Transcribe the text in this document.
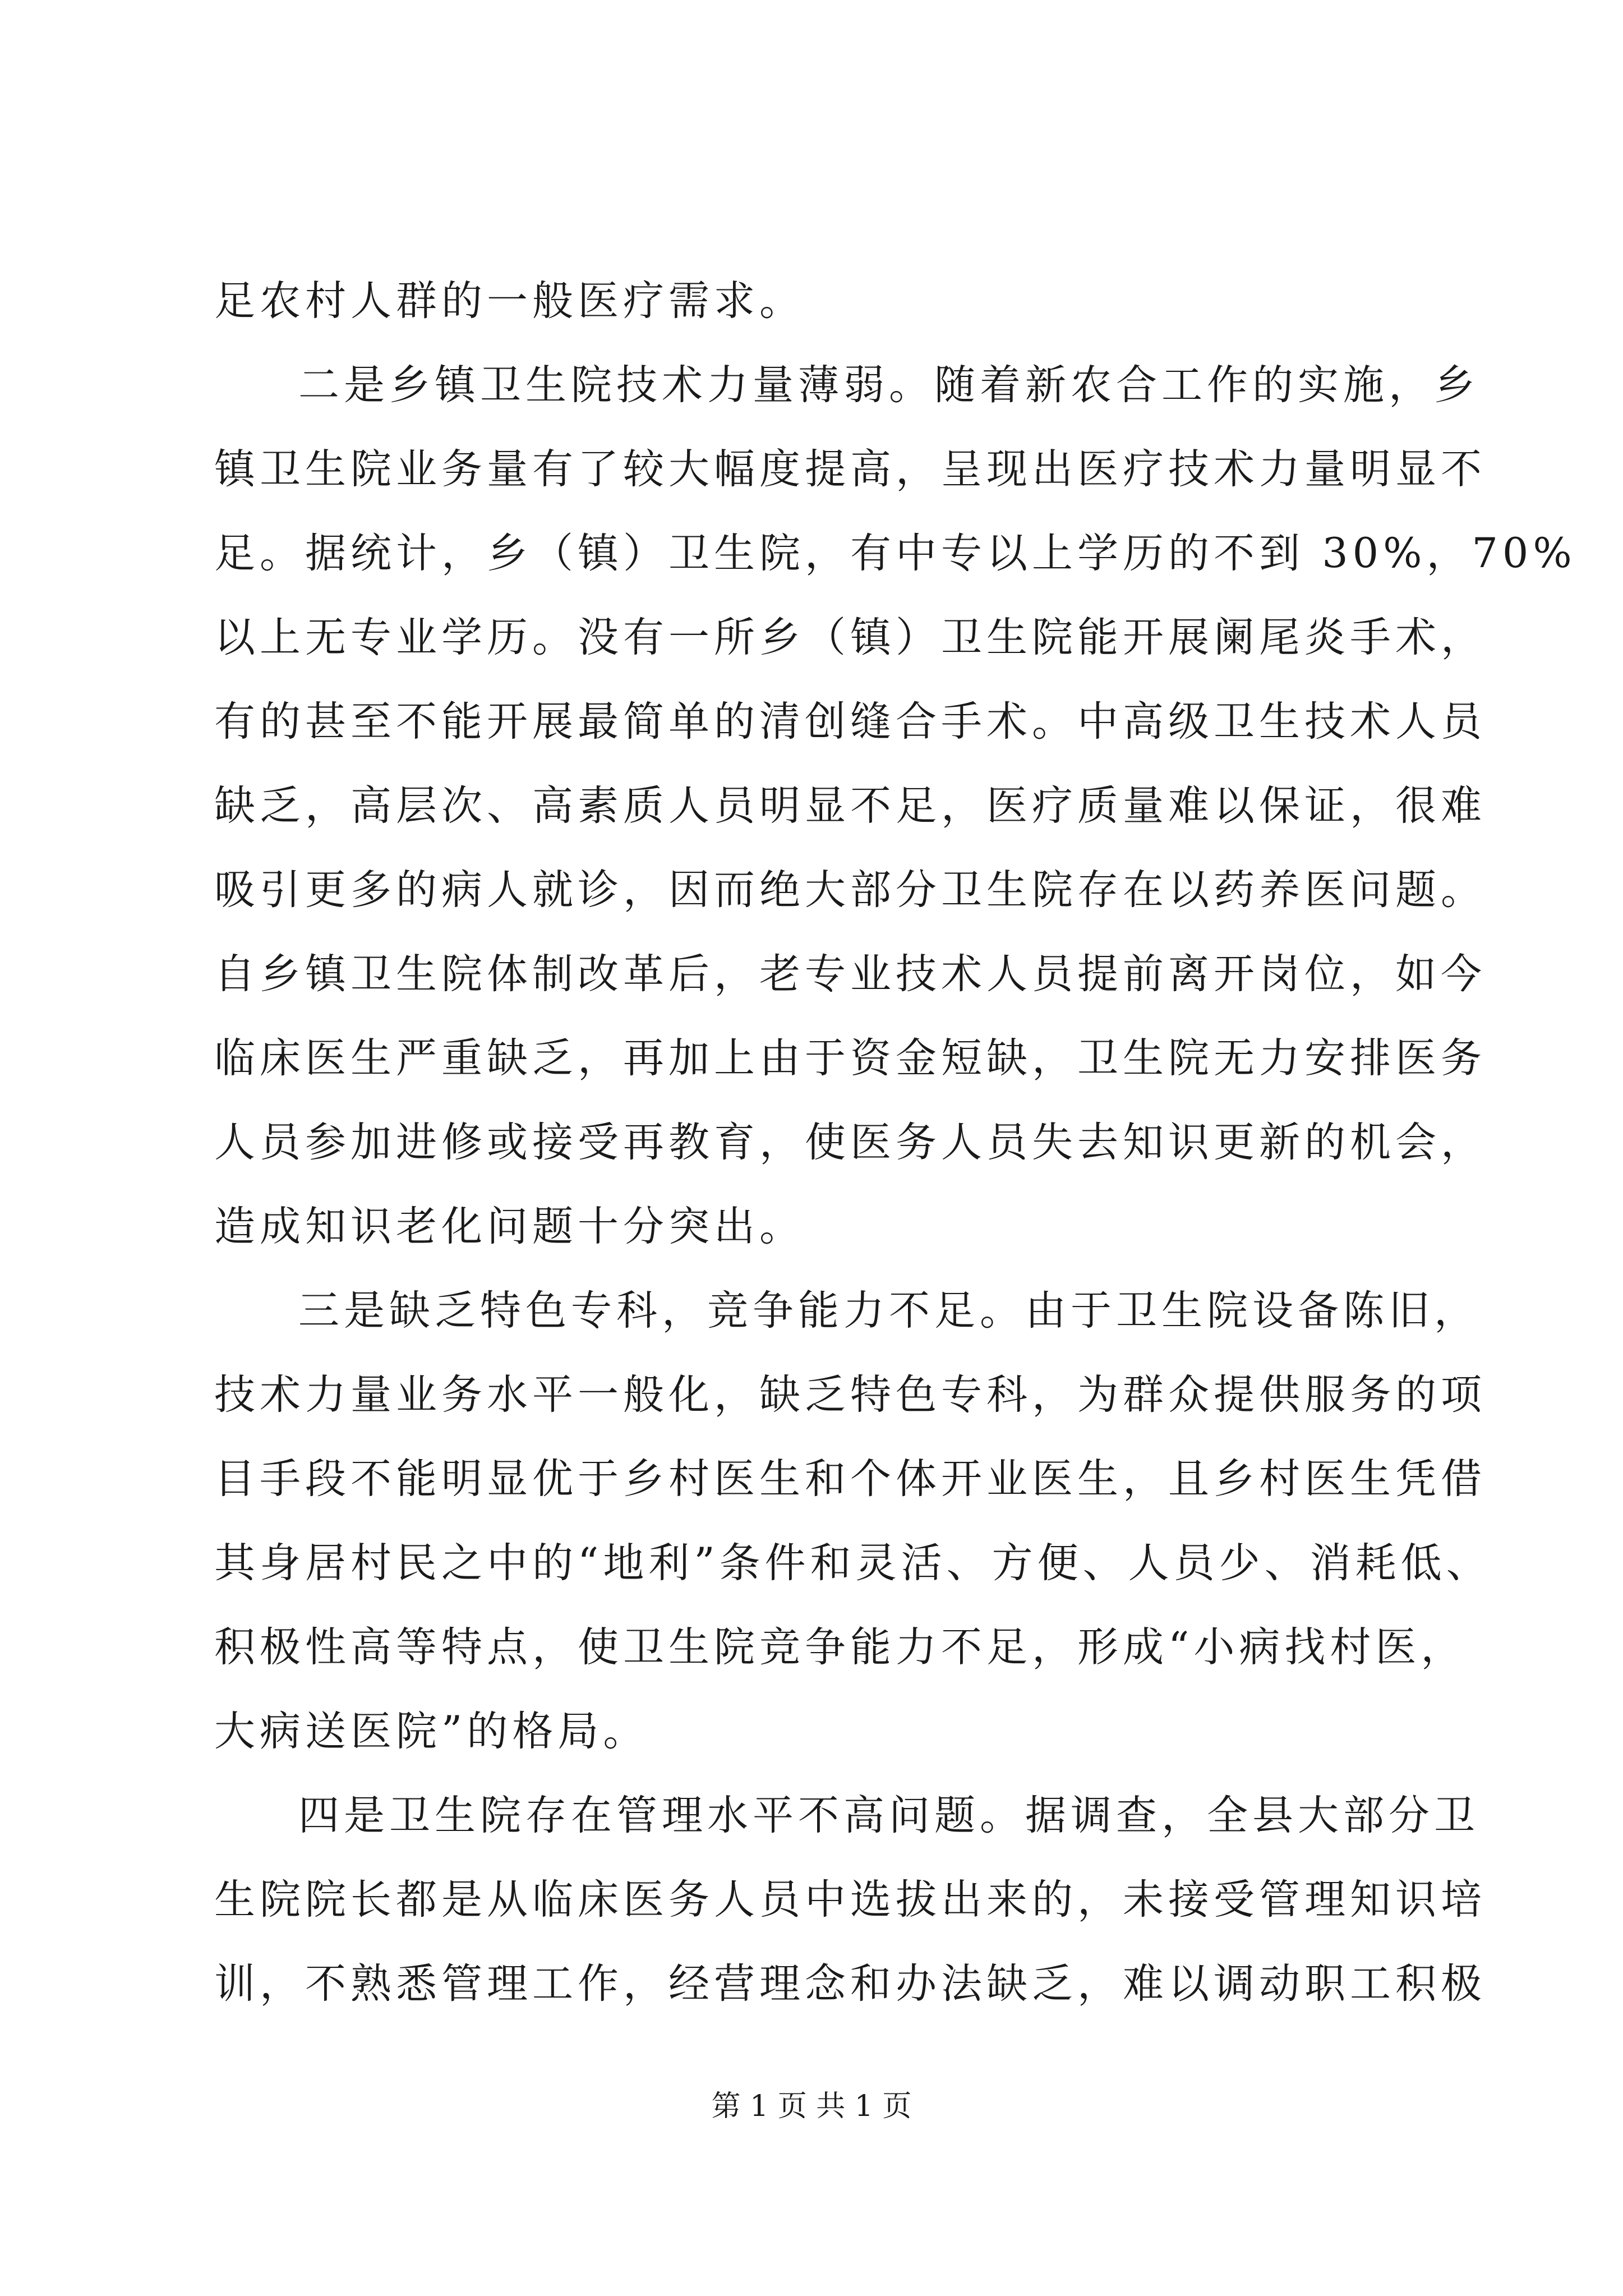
足农村人群的一般医疗需求。
二是乡镇卫生院技术力量薄弱。随着新农合工作的实施，乡
镇卫生院业务量有了较大幅度提高，呈现出医疗技术力量明显不
足。据统计，乡（镇）卫生院，有中专以上学历的不到 30%，70%
以上无专业学历。没有一所乡（镇）卫生院能开展阑尾炎手术，
有的甚至不能开展最简单的清创缝合手术。中高级卫生技术人员
缺乏，高层次、高素质人员明显不足，医疗质量难以保证，很难
吸引更多的病人就诊，因而绝大部分卫生院存在以药养医问题。
自乡镇卫生院体制改革后，老专业技术人员提前离开岗位，如今
临床医生严重缺乏，再加上由于资金短缺，卫生院无力安排医务
人员参加进修或接受再教育，使医务人员失去知识更新的机会，
造成知识老化问题十分突出。
三是缺乏特色专科，竞争能力不足。由于卫生院设备陈旧，
技术力量业务水平一般化，缺乏特色专科，为群众提供服务的项
目手段不能明显优于乡村医生和个体开业医生，且乡村医生凭借
其身居村民之中的“地利”条件和灵活、方便、人员少、消耗低、
积极性高等特点，使卫生院竞争能力不足，形成“小病找村医，
大病送医院”的格局。
四是卫生院存在管理水平不高问题。据调查，全县大部分卫
生院院长都是从临床医务人员中选拔出来的，未接受管理知识培
训，不熟悉管理工作，经营理念和办法缺乏，难以调动职工积极
第 1 页 共 1 页
